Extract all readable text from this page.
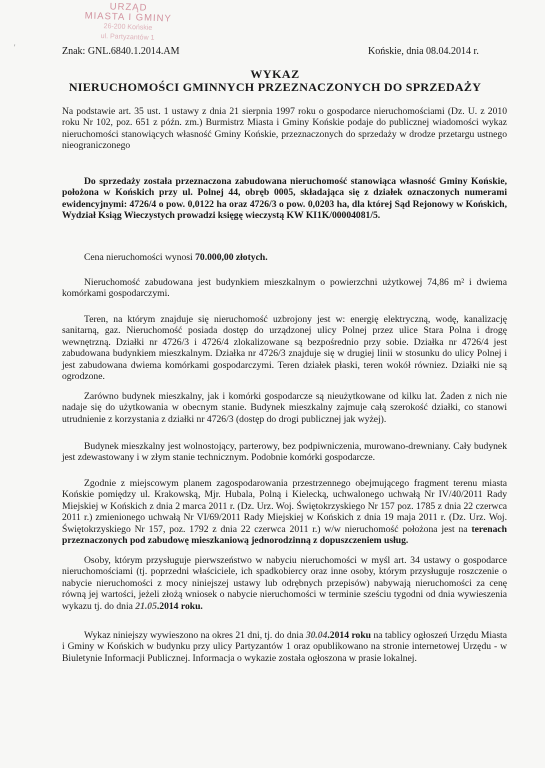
URZĄD
MIASTA I GMINY
26-200 Końskie
ul. Partyzantów 1
'	Znak: GNL.6840.1.2014.AM	Końskie, dnia 08.04.2014 r.
WYKAZ
NIERUCHOMOŚCI GMINNYCH PRZEZNACZONYCH DO SPRZEDAŻY
Na podstawie art. 35 ust. 1 ustawy z dnia 21 sierpnia 1997 roku o gospodarce nieruchomościami (Dz. U. z 2010 roku Nr 102, poz. 651 z późn. zm.) Burmistrz Miasta i Gminy Końskie podaje do publicznej wiadomości wykaz nieruchomości stanowiących własność Gminy Końskie, przeznaczonych do sprzedaży w drodze przetargu ustnego nieograniczonego
Do sprzedaży została przeznaczona zabudowana nieruchomość stanowiąca własność Gminy Końskie, położona w Końskich przy ul. Polnej 44, obręb 0005, składająca się z działek oznaczonych numerami ewidencyjnymi: 4726/4 o pow. 0,0122 ha oraz 4726/3 o pow. 0,0203 ha, dla której Sąd Rejonowy w Końskich, Wydział Ksiąg Wieczystych prowadzi księgę wieczystą KW KI1K/00004081/5.
Cena nieruchomości wynosi 70.000,00 złotych.
Nieruchomość zabudowana jest budynkiem mieszkalnym o powierzchni użytkowej 74,86 m² i dwiema komórkami gospodarczymi.
Teren, na którym znajduje się nieruchomość uzbrojony jest w: energię elektryczną, wodę, kanalizację sanitarną, gaz. Nieruchomość posiada dostęp do urządzonej ulicy Polnej przez ulice Stara Polna i drogę wewnętrzną. Działki nr 4726/3 i 4726/4 zlokalizowane są bezpośrednio przy sobie. Działka nr 4726/4 jest zabudowana budynkiem mieszkalnym. Działka nr 4726/3 znajduje się w drugiej linii w stosunku do ulicy Polnej i jest zabudowana dwiema komórkami gospodarczymi. Teren działek płaski, teren wokół równiez. Działki nie są ogrodzone.
Zarówno budynek mieszkalny, jak i komórki gospodarcze są nieużytkowane od kilku lat. Żaden z nich nie nadaje się do użytkowania w obecnym stanie. Budynek mieszkalny zajmuje całą szerokość działki, co stanowi utrudnienie z korzystania z działki nr 4726/3 (dostęp do drogi publicznej jak wyżej).
Budynek mieszkalny jest wolnostojący, parterowy, bez podpiwniczenia, murowano-drewniany. Cały budynek jest zdewastowany i w złym stanie technicznym. Podobnie komórki gospodarcze.
Zgodnie z miejscowym planem zagospodarowania przestrzennego obejmującego fragment terenu miasta Końskie pomiędzy ul. Krakowską, Mjr. Hubala, Polną i Kielecką, uchwalonego uchwałą Nr IV/40/2011 Rady Miejskiej w Końskich z dnia 2 marca 2011 r. (Dz. Urz. Woj. Świętokrzyskiego Nr 157 poz. 1785 z dnia 22 czerwca 2011 r.) zmienionego uchwałą Nr VI/69/2011 Rady Miejskiej w Końskich z dnia 19 maja 2011 r. (Dz. Urz. Woj. Świętokrzyskiego Nr 157, poz. 1792 z dnia 22 czerwca 2011 r.) w/w nieruchomość położona jest na terenach przeznaczonych pod zabudowę mieszkaniową jednorodzinną z dopuszczeniem usług.
Osoby, którym przysługuje pierwszeństwo w nabyciu nieruchomości w myśl art. 34 ustawy o gospodarce nieruchomościami (tj. poprzedni właściciele, ich spadkobiercy oraz inne osoby, którym przysługuje roszczenie o nabycie nieruchomości z mocy niniejszej ustawy lub odrębnych przepisów) nabywają nieruchomości za cenę równą jej wartości, jeżeli złożą wniosek o nabycie nieruchomości w terminie sześciu tygodni od dnia wywieszenia wykazu tj. do dnia 21.05.2014 roku.
Wykaz niniejszy wywieszono na okres 21 dni, tj. do dnia 30.04.2014 roku na tablicy ogłoszeń Urzędu Miasta i Gminy w Końskich w budynku przy ulicy Partyzantów 1 oraz opublikowano na stronie internetowej Urzędu - w Biuletynie Informacji Publicznej. Informacja o wykazie została ogłoszona w prasie lokalnej.
